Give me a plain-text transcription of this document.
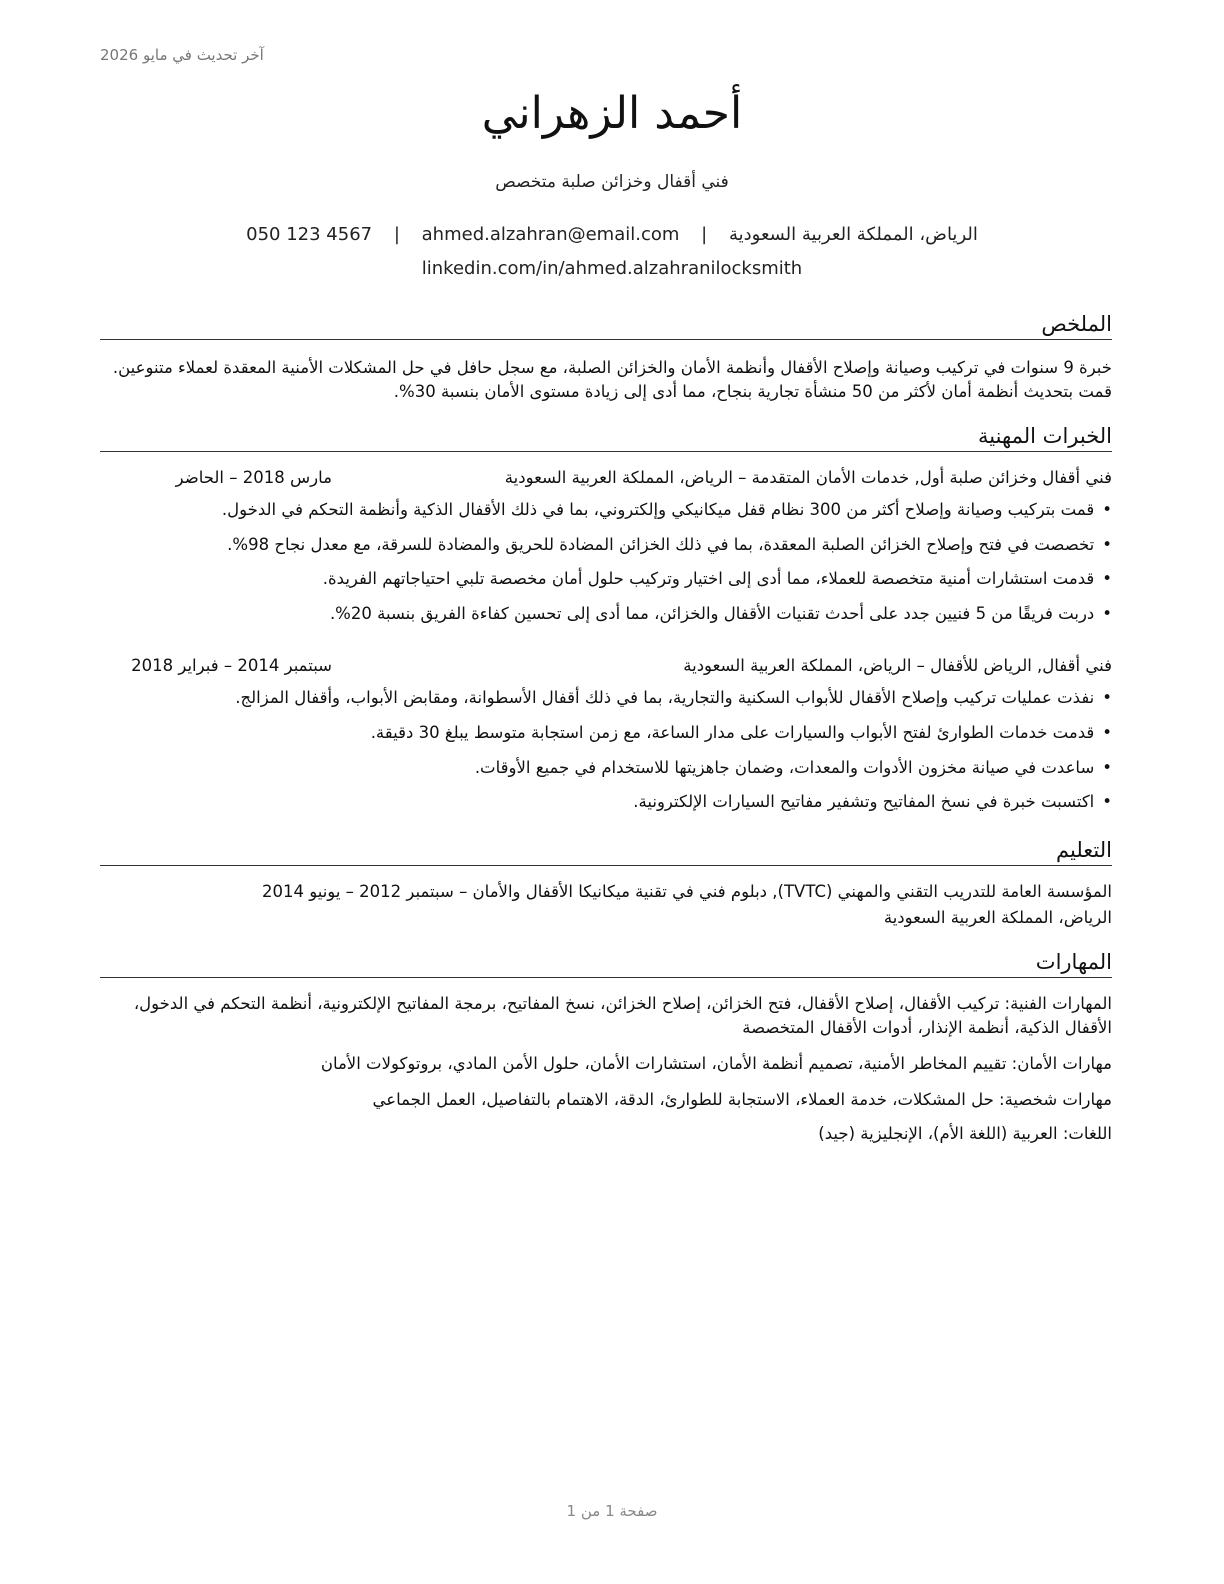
آخر تحديث في مايو 2026
أحمد الزهراني
فني أقفال وخزائن صلبة متخصص
050 123 4567 | ahmed.alzahran@email.com | الرياض، المملكة العربية السعودية
linkedin.com/in/ahmed.alzahranilocksmith
الملخص
خبرة 9 سنوات في تركيب وصيانة وإصلاح الأقفال وأنظمة الأمان والخزائن الصلبة، مع سجل حافل في حل المشكلات الأمنية المعقدة لعملاء متنوعين. قمت بتحديث أنظمة أمان لأكثر من 50 منشأة تجارية بنجاح، مما أدى إلى زيادة مستوى الأمان بنسبة 30%.
الخبرات المهنية
فني أقفال وخزائن صلبة أول, خدمات الأمان المتقدمة – الرياض، المملكة العربية السعودية
مارس 2018 – الحاضر
•قمت بتركيب وصيانة وإصلاح أكثر من 300 نظام قفل ميكانيكي وإلكتروني، بما في ذلك الأقفال الذكية وأنظمة التحكم في الدخول.
•تخصصت في فتح وإصلاح الخزائن الصلبة المعقدة، بما في ذلك الخزائن المضادة للحريق والمضادة للسرقة، مع معدل نجاح 98%.
•قدمت استشارات أمنية متخصصة للعملاء، مما أدى إلى اختيار وتركيب حلول أمان مخصصة تلبي احتياجاتهم الفريدة.
•دربت فريقًا من 5 فنيين جدد على أحدث تقنيات الأقفال والخزائن، مما أدى إلى تحسين كفاءة الفريق بنسبة 20%.
فني أقفال, الرياض للأقفال – الرياض، المملكة العربية السعودية
سبتمبر 2014 – فبراير 2018
•نفذت عمليات تركيب وإصلاح الأقفال للأبواب السكنية والتجارية، بما في ذلك أقفال الأسطوانة، ومقابض الأبواب، وأقفال المزالج.
•قدمت خدمات الطوارئ لفتح الأبواب والسيارات على مدار الساعة، مع زمن استجابة متوسط يبلغ 30 دقيقة.
•ساعدت في صيانة مخزون الأدوات والمعدات، وضمان جاهزيتها للاستخدام في جميع الأوقات.
•اكتسبت خبرة في نسخ المفاتيح وتشفير مفاتيح السيارات الإلكترونية.
التعليم
المؤسسة العامة للتدريب التقني والمهني (TVTC), دبلوم فني في تقنية ميكانيكا الأقفال والأمان – سبتمبر 2012 – يونيو 2014
الرياض، المملكة العربية السعودية
المهارات
المهارات الفنية: تركيب الأقفال، إصلاح الأقفال، فتح الخزائن، إصلاح الخزائن، نسخ المفاتيح، برمجة المفاتيح الإلكترونية، أنظمة التحكم في الدخول، الأقفال الذكية، أنظمة الإنذار، أدوات الأقفال المتخصصة
مهارات الأمان: تقييم المخاطر الأمنية، تصميم أنظمة الأمان، استشارات الأمان، حلول الأمن المادي، بروتوكولات الأمان
مهارات شخصية: حل المشكلات، خدمة العملاء، الاستجابة للطوارئ، الدقة، الاهتمام بالتفاصيل، العمل الجماعي
اللغات: العربية (اللغة الأم)، الإنجليزية (جيد)
صفحة 1 من 1
